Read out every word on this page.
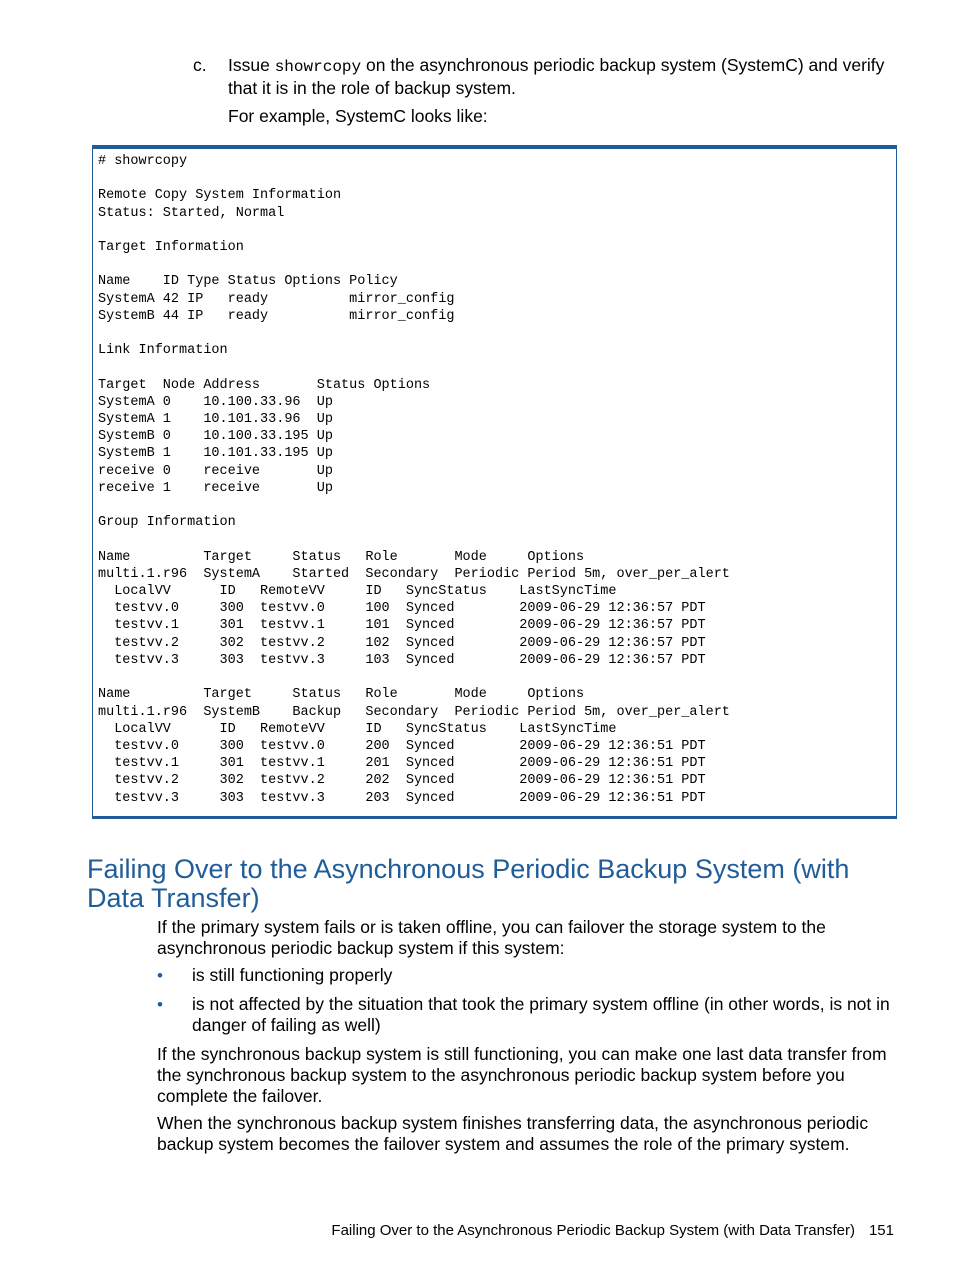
c. Issue showrcopy on the asynchronous periodic backup system (SystemC) and verify that it is in the role of backup system.
For example, SystemC looks like:
# showrcopy

Remote Copy System Information
Status: Started, Normal

Target Information

Name    ID Type Status Options Policy
SystemA 42 IP   ready          mirror_config
SystemB 44 IP   ready          mirror_config

Link Information

Target  Node Address       Status Options
SystemA 0    10.100.33.96  Up
SystemA 1    10.101.33.96  Up
SystemB 0    10.100.33.195 Up
SystemB 1    10.101.33.195 Up
receive 0    receive       Up
receive 1    receive       Up

Group Information

Name         Target     Status   Role       Mode     Options
multi.1.r96  SystemA    Started  Secondary  Periodic Period 5m, over_per_alert
LocalVV      ID   RemoteVV     ID   SyncStatus    LastSyncTime
testvv.0     300  testvv.0     100  Synced        2009-06-29 12:36:57 PDT
testvv.1     301  testvv.1     101  Synced        2009-06-29 12:36:57 PDT
testvv.2     302  testvv.2     102  Synced        2009-06-29 12:36:57 PDT
testvv.3     303  testvv.3     103  Synced        2009-06-29 12:36:57 PDT

Name         Target     Status   Role       Mode     Options
multi.1.r96  SystemB    Backup   Secondary  Periodic Period 5m, over_per_alert
LocalVV      ID   RemoteVV     ID   SyncStatus    LastSyncTime
testvv.0     300  testvv.0     200  Synced        2009-06-29 12:36:51 PDT
testvv.1     301  testvv.1     201  Synced        2009-06-29 12:36:51 PDT
testvv.2     302  testvv.2     202  Synced        2009-06-29 12:36:51 PDT
testvv.3     303  testvv.3     203  Synced        2009-06-29 12:36:51 PDT

Failing Over to the Asynchronous Periodic Backup System (with Data Transfer)

If the primary system fails or is taken offline, you can failover the storage system to the asynchronous periodic backup system if this system:

• is still functioning properly
• is not affected by the situation that took the primary system offline (in other words, is not in danger of failing as well)

If the synchronous backup system is still functioning, you can make one last data transfer from the synchronous backup system to the asynchronous periodic backup system before you complete the failover.

When the synchronous backup system finishes transferring data, the asynchronous periodic backup system becomes the failover system and assumes the role of the primary system.

Failing Over to the Asynchronous Periodic Backup System (with Data Transfer) 151
